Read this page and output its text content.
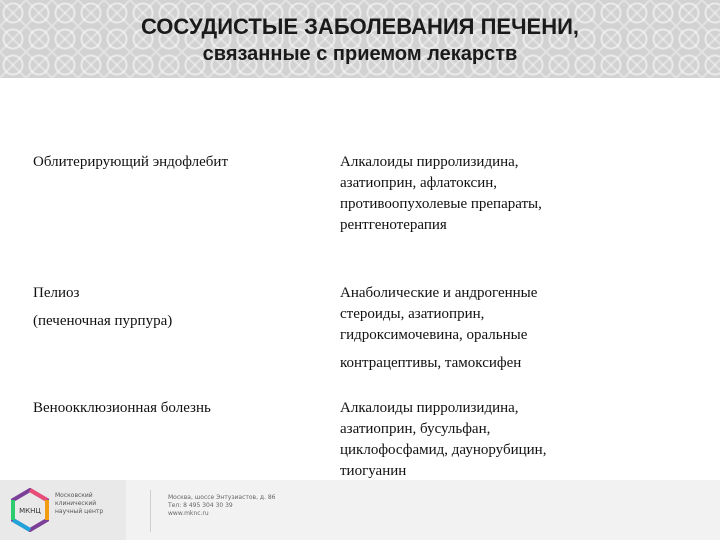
СОСУДИСТЫЕ ЗАБОЛЕВАНИЯ ПЕЧЕНИ,
связанные с приемом лекарств
Облитерирующий эндофлебит	Алкалоиды пирролизидина,
азатиоприн, афлатоксин,
противоопухолевые препараты,
рентгенотерапия
Пелиоз
(печеночная пурпура)
Анаболические и андрогенные
стероиды, азатиоприн,
гидроксимочевина, оральные
контрацептивы, тамоксифен
Веноокклюзионная болезнь	Алкалоиды пирролизидина,
азатиоприн, бусульфан,
циклофосфамид, даунорубицин,
тиогуанин
МКНЦ
Московский
клинический
научный центр
Москва, шоссе Энтузиастов, д. 86
Тел: 8 495 304 30 39
www.mknc.ru
